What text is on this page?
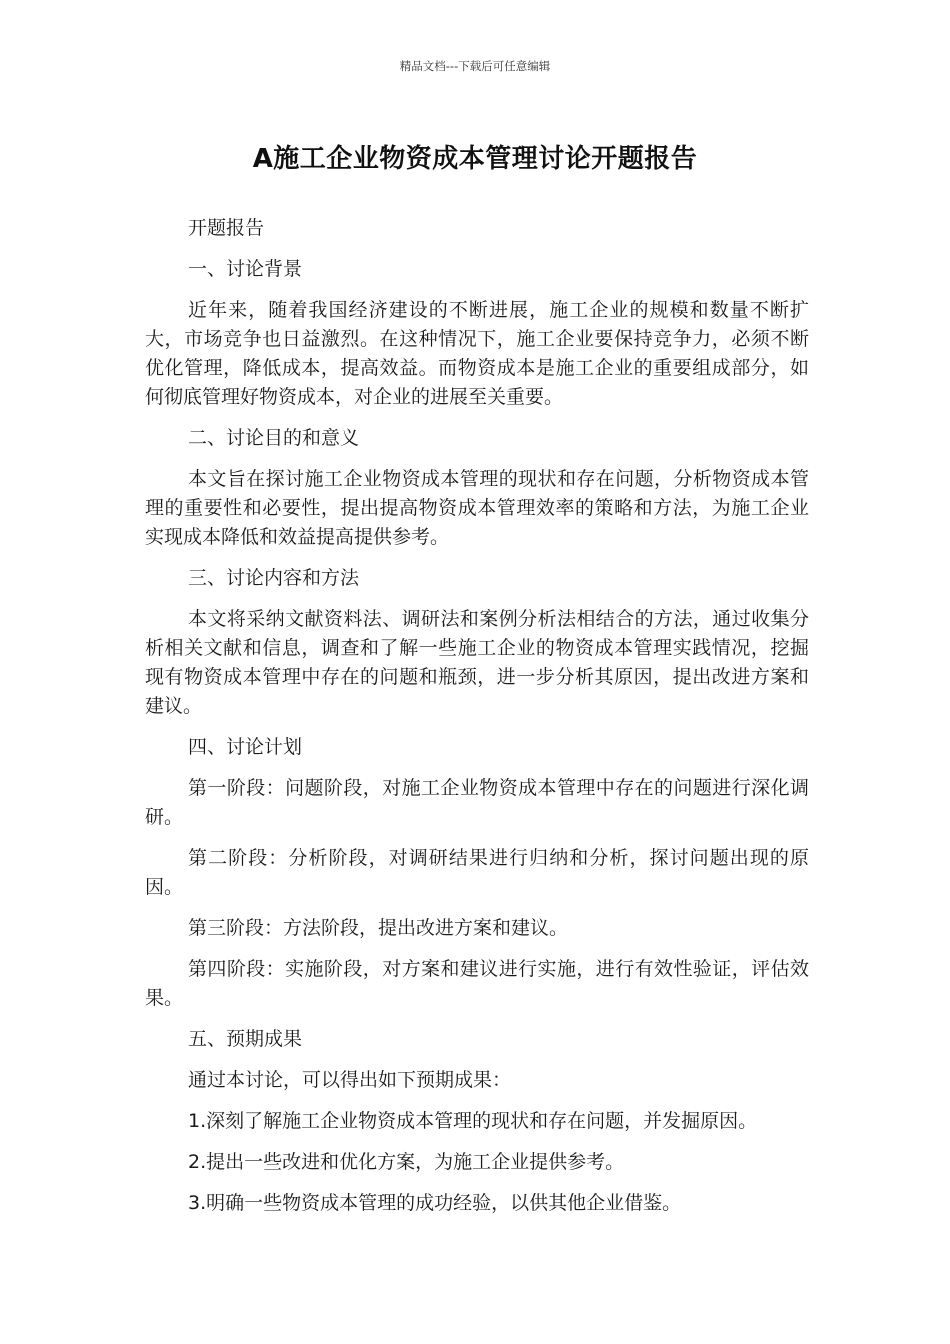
精品文档---下载后可任意编辑
A施工企业物资成本管理讨论开题报告

开题报告

一、讨论背景

近年来，随着我国经济建设的不断进展，施工企业的规模和数量不断扩大，市场竞争也日益激烈。在这种情况下，施工企业要保持竞争力，必须不断优化管理，降低成本，提高效益。而物资成本是施工企业的重要组成部分，如何彻底管理好物资成本，对企业的进展至关重要。

二、讨论目的和意义

本文旨在探讨施工企业物资成本管理的现状和存在问题，分析物资成本管理的重要性和必要性，提出提高物资成本管理效率的策略和方法，为施工企业实现成本降低和效益提高提供参考。

三、讨论内容和方法

本文将采纳文献资料法、调研法和案例分析法相结合的方法，通过收集分析相关文献和信息，调查和了解一些施工企业的物资成本管理实践情况，挖掘现有物资成本管理中存在的问题和瓶颈，进一步分析其原因，提出改进方案和建议。

四、讨论计划

第一阶段：问题阶段，对施工企业物资成本管理中存在的问题进行深化调研。

第二阶段：分析阶段，对调研结果进行归纳和分析，探讨问题出现的原因。

第三阶段：方法阶段，提出改进方案和建议。

第四阶段：实施阶段，对方案和建议进行实施，进行有效性验证，评估效果。

五、预期成果

通过本讨论，可以得出如下预期成果：

1.深刻了解施工企业物资成本管理的现状和存在问题，并发掘原因。

2.提出一些改进和优化方案，为施工企业提供参考。

3.明确一些物资成本管理的成功经验，以供其他企业借鉴。
